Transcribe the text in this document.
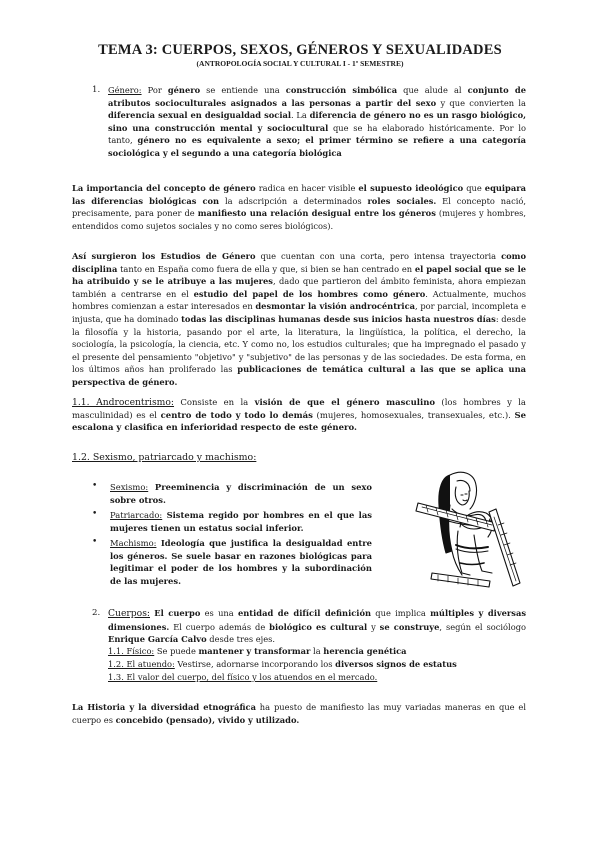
TEMA 3: CUERPOS, SEXOS, GÉNEROS Y SEXUALIDADES
(ANTROPOLOGÍA SOCIAL Y CULTURAL I - 1º SEMESTRE)
1. Género: Por género se entiende una construcción simbólica que alude al conjunto de atributos socioculturales asignados a las personas a partir del sexo y que convierten la diferencia sexual en desigualdad social. La diferencia de género no es un rasgo biológico, sino una construcción mental y sociocultural que se ha elaborado históricamente. Por lo tanto, género no es equivalente a sexo; el primer término se refiere a una categoría sociológica y el segundo a una categoría biológica
La importancia del concepto de género radica en hacer visible el supuesto ideológico que equipara las diferencias biológicas con la adscripción a determinados roles sociales. El concepto nació, precisamente, para poner de manifiesto una relación desigual entre los géneros (mujeres y hombres, entendidos como sujetos sociales y no como seres biológicos).
Así surgieron los Estudios de Género que cuentan con una corta, pero intensa trayectoria como disciplina tanto en España como fuera de ella y que, si bien se han centrado en el papel social que se le ha atribuido y se le atribuye a las mujeres, dado que partieron del ámbito feminista, ahora empiezan también a centrarse en el estudio del papel de los hombres como género. Actualmente, muchos hombres comienzan a estar interesados en desmontar la visión androcéntrica, por parcial, incompleta e injusta, que ha dominado todas las disciplinas humanas desde sus inicios hasta nuestros días: desde la filosofía y la historia, pasando por el arte, la literatura, la lingüística, la política, el derecho, la sociología, la psicología, la ciencia, etc. Y como no, los estudios culturales; que ha impregnado el pasado y el presente del pensamiento "objetivo" y "subjetivo" de las personas y de las sociedades. De esta forma, en los últimos años han proliferado las publicaciones de temática cultural a las que se aplica una perspectiva de género.
1.1. Androcentrismo: Consiste en la visión de que el género masculino (los hombres y la masculinidad) es el centro de todo y todo lo demás (mujeres, homosexuales, transexuales, etc.). Se escalona y clasifica en inferioridad respecto de este género.
1.2. Sexismo, patriarcado y machismo:
• Sexismo: Preeminencia y discriminación de un sexo sobre otros.
• Patriarcado: Sistema regido por hombres en el que las mujeres tienen un estatus social inferior.
• Machismo: Ideología que justifica la desigualdad entre los géneros. Se suele basar en razones biológicas para legitimar el poder de los hombres y la subordinación de las mujeres.
2. Cuerpos: El cuerpo es una entidad de difícil definición que implica múltiples y diversas dimensiones. El cuerpo además de biológico es cultural y se construye, según el sociólogo Enrique García Calvo desde tres ejes.
1.1. Físico: Se puede mantener y transformar la herencia genética
1.2. El atuendo: Vestirse, adornarse incorporando los diversos signos de estatus
1.3. El valor del cuerpo, del físico y los atuendos en el mercado.
La Historia y la diversidad etnográfica ha puesto de manifiesto las muy variadas maneras en que el cuerpo es concebido (pensado), vivido y utilizado.
